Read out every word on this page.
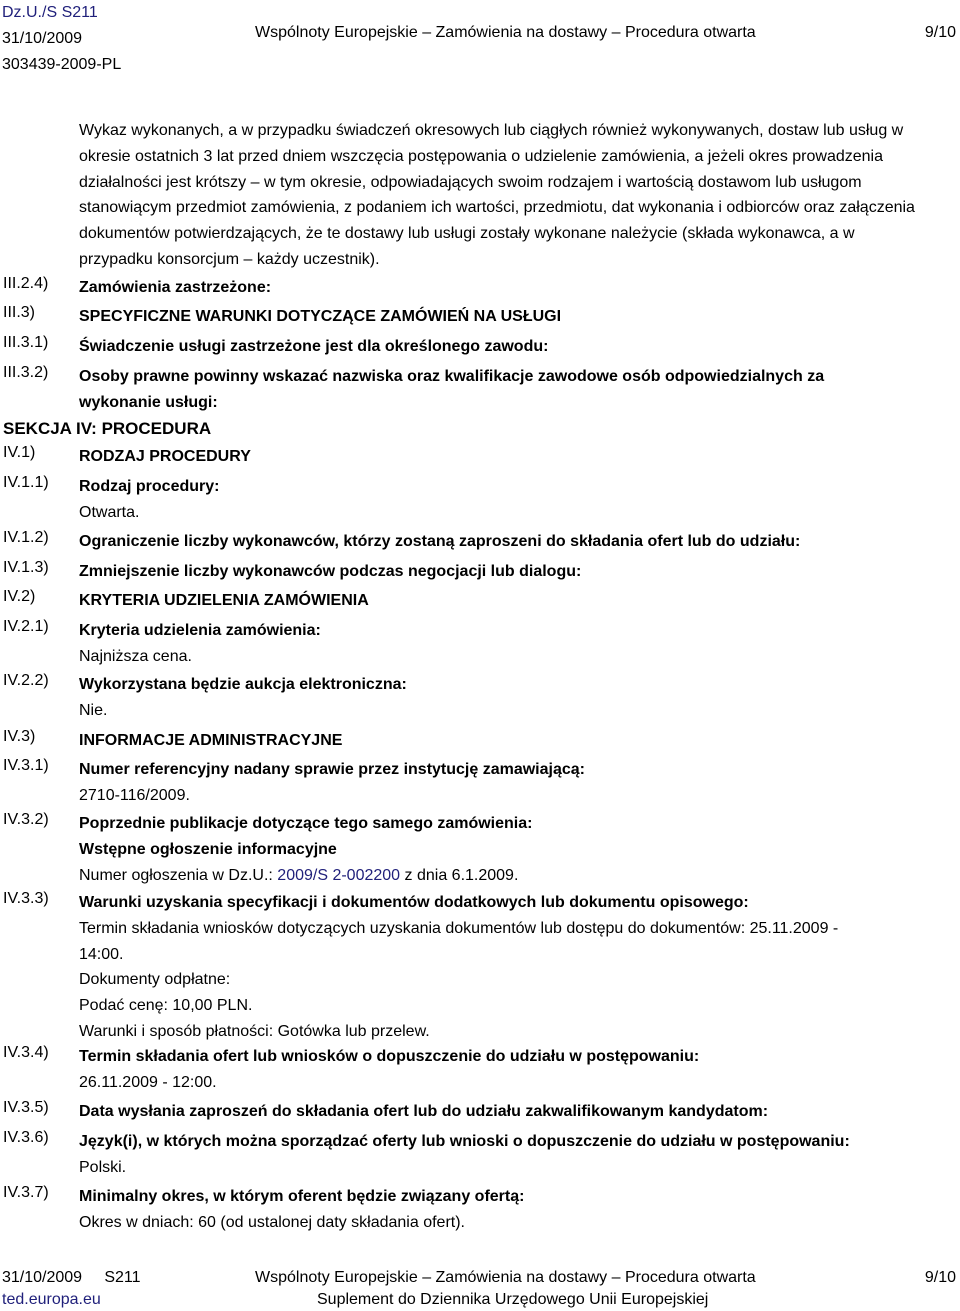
Dz.U./S S211
31/10/2009
303439-2009-PL
Wspólnoty Europejskie – Zamówienia na dostawy – Procedura otwarta	9/10
Wykaz wykonanych, a w przypadku świadczeń okresowych lub ciągłych również wykonywanych, dostaw lub usług w okresie ostatnich 3 lat przed dniem wszczęcia postępowania o udzielenie zamówienia, a jeżeli okres prowadzenia działalności jest krótszy – w tym okresie, odpowiadających swoim rodzajem i wartością dostawom lub usługom stanowiącym przedmiot zamówienia, z podaniem ich wartości, przedmiotu, dat wykonania i odbiorców oraz załączenia dokumentów potwierdzających, że te dostawy lub usługi zostały wykonane należycie (składa wykonawca, a w przypadku konsorcjum – każdy uczestnik).
III.2.4) Zamówienia zastrzeżone:
III.3)	SPECYFICZNE WARUNKI DOTYCZĄCE ZAMÓWIEŃ NA USŁUGI
III.3.1) Świadczenie usługi zastrzeżone jest dla określonego zawodu:
III.3.2) Osoby prawne powinny wskazać nazwiska oraz kwalifikacje zawodowe osób odpowiedzialnych za
wykonanie usługi:
SEKCJA IV: PROCEDURA
IV.1)	RODZAJ PROCEDURY
IV.1.1) Rodzaj procedury:
Otwarta.
IV.1.2) Ograniczenie liczby wykonawców, którzy zostaną zaproszeni do składania ofert lub do udziału:
IV.1.3) Zmniejszenie liczby wykonawców podczas negocjacji lub dialogu:
IV.2)	KRYTERIA UDZIELENIA ZAMÓWIENIA
IV.2.1) Kryteria udzielenia zamówienia:
Najniższa cena.
IV.2.2) Wykorzystana będzie aukcja elektroniczna:
Nie.
IV.3)	INFORMACJE ADMINISTRACYJNE
IV.3.1) Numer referencyjny nadany sprawie przez instytucję zamawiającą:
2710-116/2009.
IV.3.2) Poprzednie publikacje dotyczące tego samego zamówienia:
Wstępne ogłoszenie informacyjne
Numer ogłoszenia w Dz.U.: 2009/S 2-002200 z dnia 6.1.2009.
IV.3.3) Warunki uzyskania specyfikacji i dokumentów dodatkowych lub dokumentu opisowego:
Termin składania wniosków dotyczących uzyskania dokumentów lub dostępu do dokumentów: 25.11.2009 -
14:00.
Dokumenty odpłatne:
Podać cenę: 10,00 PLN.
Warunki i sposób płatności: Gotówka lub przelew.
IV.3.4) Termin składania ofert lub wniosków o dopuszczenie do udziału w postępowaniu:
26.11.2009 - 12:00.
IV.3.5) Data wysłania zaproszeń do składania ofert lub do udziału zakwalifikowanym kandydatom:
IV.3.6) Język(i), w których można sporządzać oferty lub wnioski o dopuszczenie do udziału w postępowaniu:
Polski.
IV.3.7) Minimalny okres, w którym oferent będzie związany ofertą:
Okres w dniach: 60 (od ustalonej daty składania ofert).
31/10/2009 S211	Wspólnoty Europejskie – Zamówienia na dostawy – Procedura otwarta	9/10
ted.europa.eu	Suplement do Dziennika Urzędowego Unii Europejskiej
